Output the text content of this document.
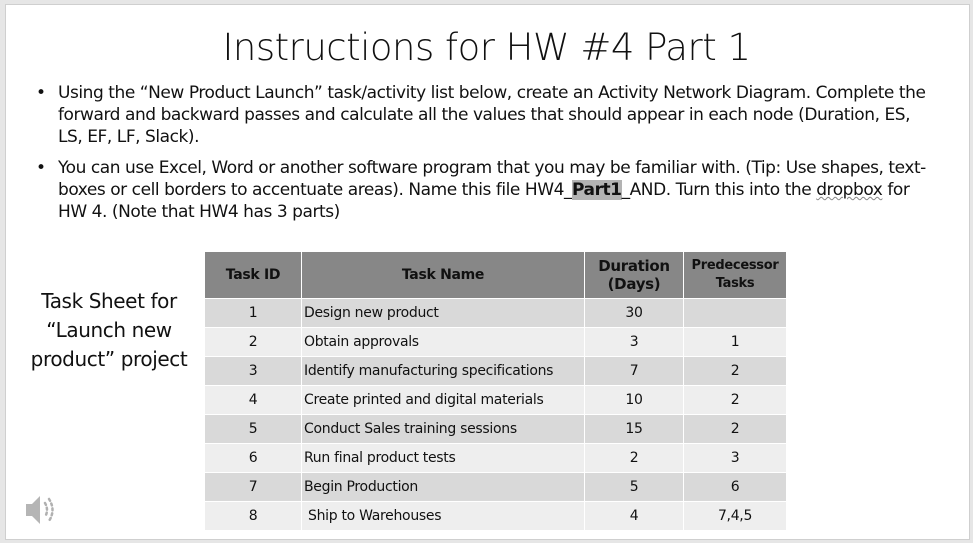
Instructions for HW #4 Part 1
• Using the “New Product Launch” task/activity list below, create an Activity Network Diagram. Complete the forward and backward passes and calculate all the values that should appear in each node (Duration, ES, LS, EF, LF, Slack).
• You can use Excel, Word or another software program that you may be familiar with. (Tip: Use shapes, text-boxes or cell borders to accentuate areas). Name this file HW4_Part1_AND. Turn this into the dropbox for HW 4. (Note that HW4 has 3 parts)
Task Sheet for “Launch new product” project
Task ID	Task Name	Duration (Days)	Predecessor Tasks
1	Design new product	30	
2	Obtain approvals	3	1
3	Identify manufacturing specifications	7	2
4	Create printed and digital materials	10	2
5	Conduct Sales training sessions	15	2
6	Run final product tests	2	3
7	Begin Production	5	6
8	Ship to Warehouses	4	7,4,5
